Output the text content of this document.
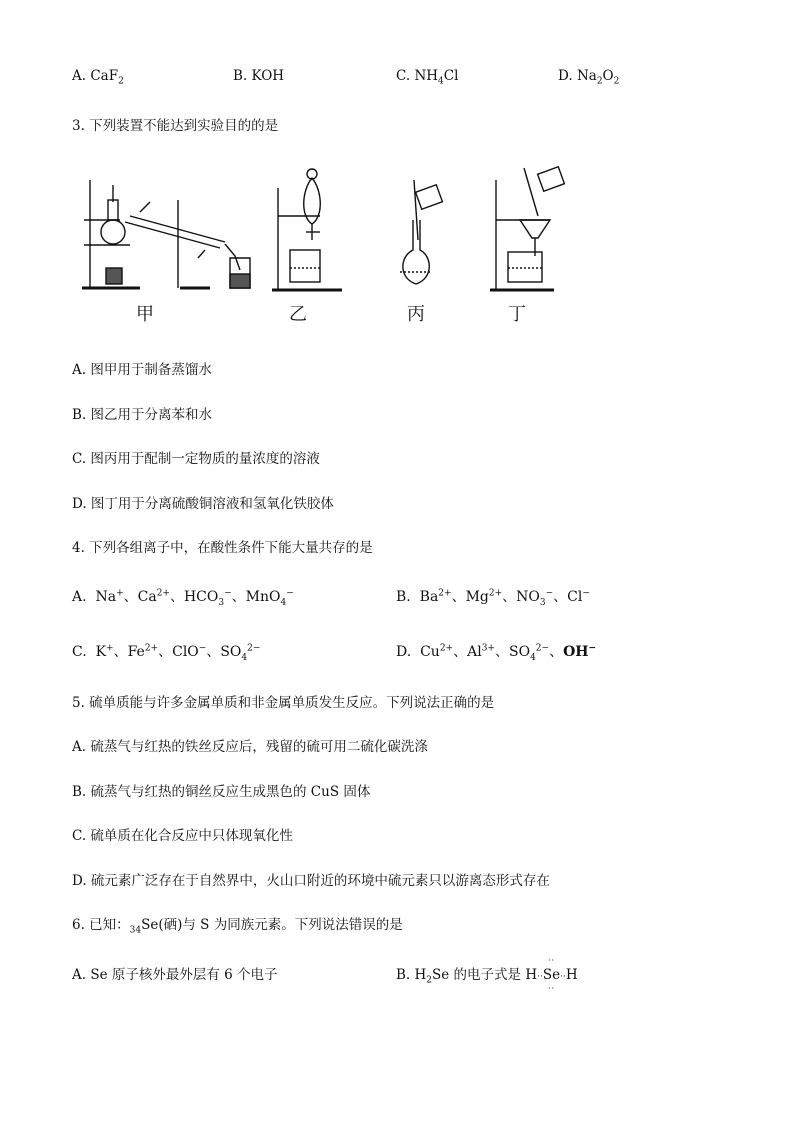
A. CaF$_2$	B. KOH	C. $NH_4Cl$	D. $Na_2O_2$
3. 下列装置不能达到实验目的的是
甲	乙	丙	丁
A. 图甲用于制备蒸馏水
B. 图乙用于分离苯和水
C. 图丙用于配制一定物质的量浓度的溶液
D. 图丁用于分离硫酸铜溶液和氢氧化铁胶体
4. 下列各组离子中，在酸性条件下能大量共存的是
A. Na+、$Ca^{2+}$、$HCO_3^-$、MnO$_4$−	B. $Ba^{2+}$、$Mg^{2+}$、$NO_3^-$、Cl−
C. K+、$Fe^{2+}$、ClO−、$SO_4^{2-}$	D. $Cu^{2+}$、$Al^{3+}$、$SO_4^{2-}$、OH−
5. 硫单质能与许多金属单质和非金属单质发生反应。下列说法正确的是
A. 硫蒸气与红热的铁丝反应后，残留的硫可用二硫化碳洗涤
B. 硫蒸气与红热的铜丝反应生成黑色的 CuS 固体
C. 硫单质在化合反应中只体现氧化性
D. 硫元素广泛存在于自然界中，火山口附近的环境中硫元素只以游离态形式存在
6. 已知：$_{34}$Se(硒)与 S 为同族元素。下列说法错误的是
A. Se 原子核外最外层有 6 个电子	B. $H_2Se$ 的电子式是 H··
··
Se
··
··H
